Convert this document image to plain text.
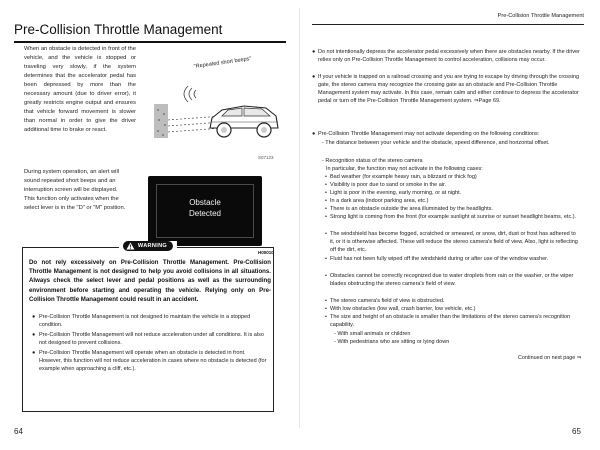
Pre-Collision Throttle Management
When an obstacle is detected in front of the vehicle, and the vehicle is stopped or traveling very slowly, if the system determines that the accelerator pedal has been depressed by more than the necessary amount (due to driver error), it greatly restricts engine output and ensures that vehicle forward movement is slower than normal in order to give the driver additional time to brake or react.
"Repeated short beeps"
S07123
During system operation, an alert will sound repeated short beeps and an interruption screen will be displayed.
This function only activates when the select lever is in the "D" or "M" position.
Obstacle
Detected
H00010
WARNING
Do not rely excessively on Pre-Collision Throttle Management. Pre-Collision Throttle Management is not designed to help you avoid collisions in all situations. Always check the select lever and pedal positions as well as the surrounding environment before starting and operating the vehicle. Relying only on Pre-Collision Throttle Management could result in an accident.
● Pre-Collision Throttle Management is not designed to maintain the vehicle in a stopped condition.
● Pre-Collision Throttle Management will not reduce acceleration under all conditions. It is also not designed to prevent collisions.
● Pre-Collision Throttle Management will operate when an obstacle is detected in front. However, this function will not reduce acceleration in cases where no obstacle is detected (for example when approaching a cliff, etc.).
64
Pre-Collision Throttle Management
● Do not intentionally depress the accelerator pedal excessively when there are obstacles nearby. If the driver relies only on Pre-Collision Throttle Management to control acceleration, collisions may occur.
● If your vehicle is trapped on a railroad crossing and you are trying to escape by driving through the crossing gate, the stereo camera may recognize the crossing gate as an obstacle and Pre-Collision Throttle Management system may activate. In this case, remain calm and either continue to depress the accelerator pedal or turn off the Pre-Collision Throttle Management system. ⇒Page 69.
● Pre-Collision Throttle Management may not activate depending on the following conditions:
- The distance between your vehicle and the obstacle, speed difference, and horizontal offset.
- Recognition status of the stereo camera
In particular, the function may not activate in the following cases:
• Bad weather (for example heavy rain, a blizzard or thick fog)
• Visibility is poor due to sand or smoke in the air.
• Light is poor in the evening, early morning, or at night.
• In a dark area (indoor parking area, etc.)
• There is an obstacle outside the area illuminated by the headlights.
• Strong light is coming from the front (for example sunlight at sunrise or sunset headlight beams, etc.).
• The windshield has become fogged, scratched or smeared, or snow, dirt, dust or frost has adhered to it, or it is otherwise affected. These will reduce the stereo camera's field of view. Also, light is reflecting off the dirt, etc.
• Fluid has not been fully wiped off the windshield during or after use of the window washer.
• Obstacles cannot be correctly recognized due to water droplets from rain or the washer, or the wiper blades obstructing the stereo camera's field of view.
• The stereo camera's field of view is obstructed.
• With low obstacles (low wall, crash barrier, low vehicle, etc.)
• The size and height of an obstacle is smaller than the limitations of the stereo camera's recognition capability.
- With small animals or children
- With pedestrians who are sitting or lying down
Continued on next page ⇒
65
